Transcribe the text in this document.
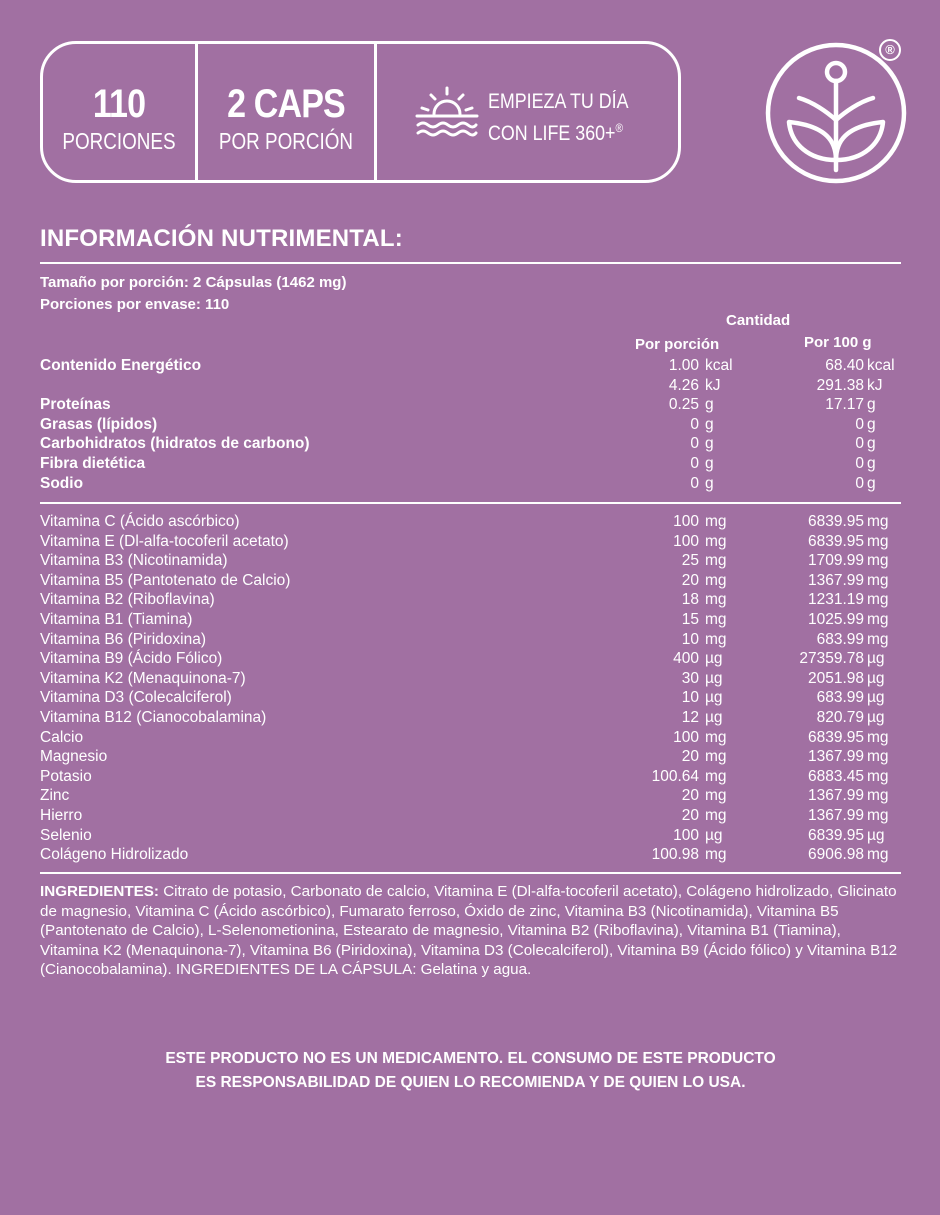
110
PORCIONES
2 CAPS
POR PORCIÓN
EMPIEZA TU DÍA
CON LIFE 360+®
®
INFORMACIÓN NUTRIMENTAL:
Tamaño por porción: 2 Cápsulas (1462 mg)
Porciones por envase: 110
Cantidad
Por porción	Por 100 g
Contenido Energético	1.00 kcal	68.40 kcal
4.26 kJ	291.38 kJ
Proteínas	0.25 g	17.17 g
Grasas (lípidos)	0 g	0 g
Carbohidratos (hidratos de carbono)	0 g	0 g
Fibra dietética	0 g	0 g
Sodio	0 g	0 g
Vitamina C (Ácido ascórbico)	100 mg	6839.95 mg
Vitamina E (Dl-alfa-tocoferil acetato)	100 mg	6839.95 mg
Vitamina B3 (Nicotinamida)	25 mg	1709.99 mg
Vitamina B5 (Pantotenato de Calcio)	20 mg	1367.99 mg
Vitamina B2 (Riboflavina)	18 mg	1231.19 mg
Vitamina B1 (Tiamina)	15 mg	1025.99 mg
Vitamina B6 (Piridoxina)	10 mg	683.99 mg
Vitamina B9 (Ácido Fólico)	400 µg	27359.78 µg
Vitamina K2 (Menaquinona-7)	30 µg	2051.98 µg
Vitamina D3 (Colecalciferol)	10 µg	683.99 µg
Vitamina B12 (Cianocobalamina)	12 µg	820.79 µg
Calcio	100 mg	6839.95 mg
Magnesio	20 mg	1367.99 mg
Potasio	100.64 mg	6883.45 mg
Zinc	20 mg	1367.99 mg
Hierro	20 mg	1367.99 mg
Selenio	100 µg	6839.95 µg
Colágeno Hidrolizado	100.98 mg	6906.98 mg
INGREDIENTES: Citrato de potasio, Carbonato de calcio, Vitamina E (Dl-alfa-tocoferil acetato), Colágeno hidrolizado, Glicinato de magnesio, Vitamina C (Ácido ascórbico), Fumarato ferroso, Óxido de zinc, Vitamina B3 (Nicotinamida), Vitamina B5 (Pantotenato de Calcio), L-Selenometionina, Estearato de magnesio, Vitamina B2 (Riboflavina), Vitamina B1 (Tiamina), Vitamina K2 (Menaquinona-7), Vitamina B6 (Piridoxina), Vitamina D3 (Colecalciferol), Vitamina B9 (Ácido fólico) y Vitamina B12 (Cianocobalamina). INGREDIENTES DE LA CÁPSULA: Gelatina y agua.
ESTE PRODUCTO NO ES UN MEDICAMENTO. EL CONSUMO DE ESTE PRODUCTO
ES RESPONSABILIDAD DE QUIEN LO RECOMIENDA Y DE QUIEN LO USA.
